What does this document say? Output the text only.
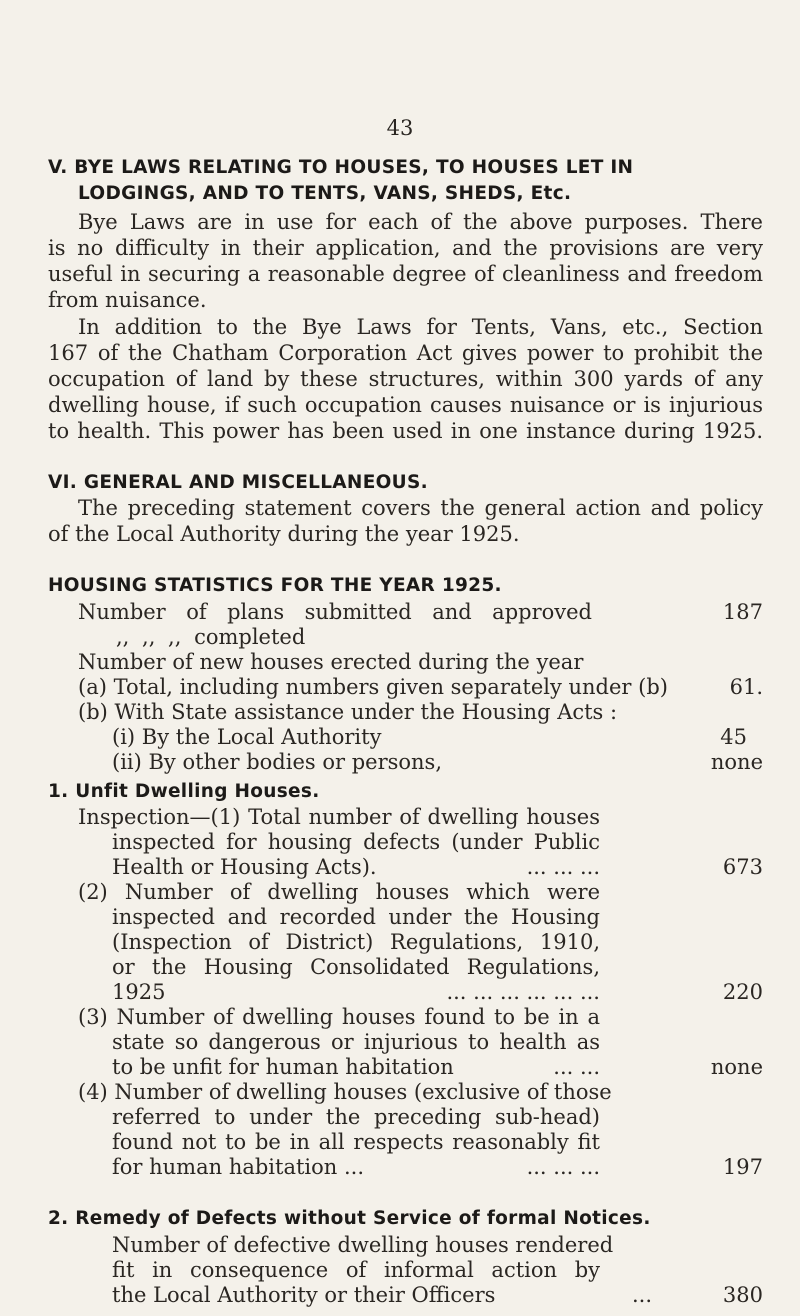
43
V. BYE LAWS RELATING TO HOUSES, TO HOUSES LET IN
LODGINGS, AND TO TENTS, VANS, SHEDS, Etc.
Bye Laws are in use for each of the above purposes. There
is no difficulty in their application, and the provisions are very
useful in securing a reasonable degree of cleanliness and freedom
from nuisance.
In addition to the Bye Laws for Tents, Vans, etc., Section
167 of the Chatham Corporation Act gives power to prohibit the
occupation of land by these structures, within 300 yards of any
dwelling house, if such occupation causes nuisance or is injurious
to health. This power has been used in one instance during 1925.
VI. GENERAL AND MISCELLANEOUS.
The preceding statement covers the general action and policy
of the Local Authority during the year 1925.
HOUSING STATISTICS FOR THE YEAR 1925.
Number of plans submitted and approved	187
,, ,, ,, completed
Number of new houses erected during the year
(a) Total, including numbers given separately under (b)	61.
(b) With State assistance under the Housing Acts :
(i) By the Local Authority	45
(ii) By other bodies or persons,	none
1. Unfit Dwelling Houses.
Inspection—(1) Total number of dwelling houses
inspected for housing defects (under Public
Health or Housing Acts).	... ... ...	673
(2) Number of dwelling houses which were
inspected and recorded under the Housing
(Inspection of District) Regulations, 1910,
or the Housing Consolidated Regulations,
1925	... ... ... ... ... ...	220
(3) Number of dwelling houses found to be in a
state so dangerous or injurious to health as
to be unfit for human habitation	... ...	none
(4) Number of dwelling houses (exclusive of those
referred to under the preceding sub-head)
found not to be in all respects reasonably fit
for human habitation ...	... ... ...	197
2. Remedy of Defects without Service of formal Notices.
Number of defective dwelling houses rendered
fit in consequence of informal action by
the Local Authority or their Officers	...	380
